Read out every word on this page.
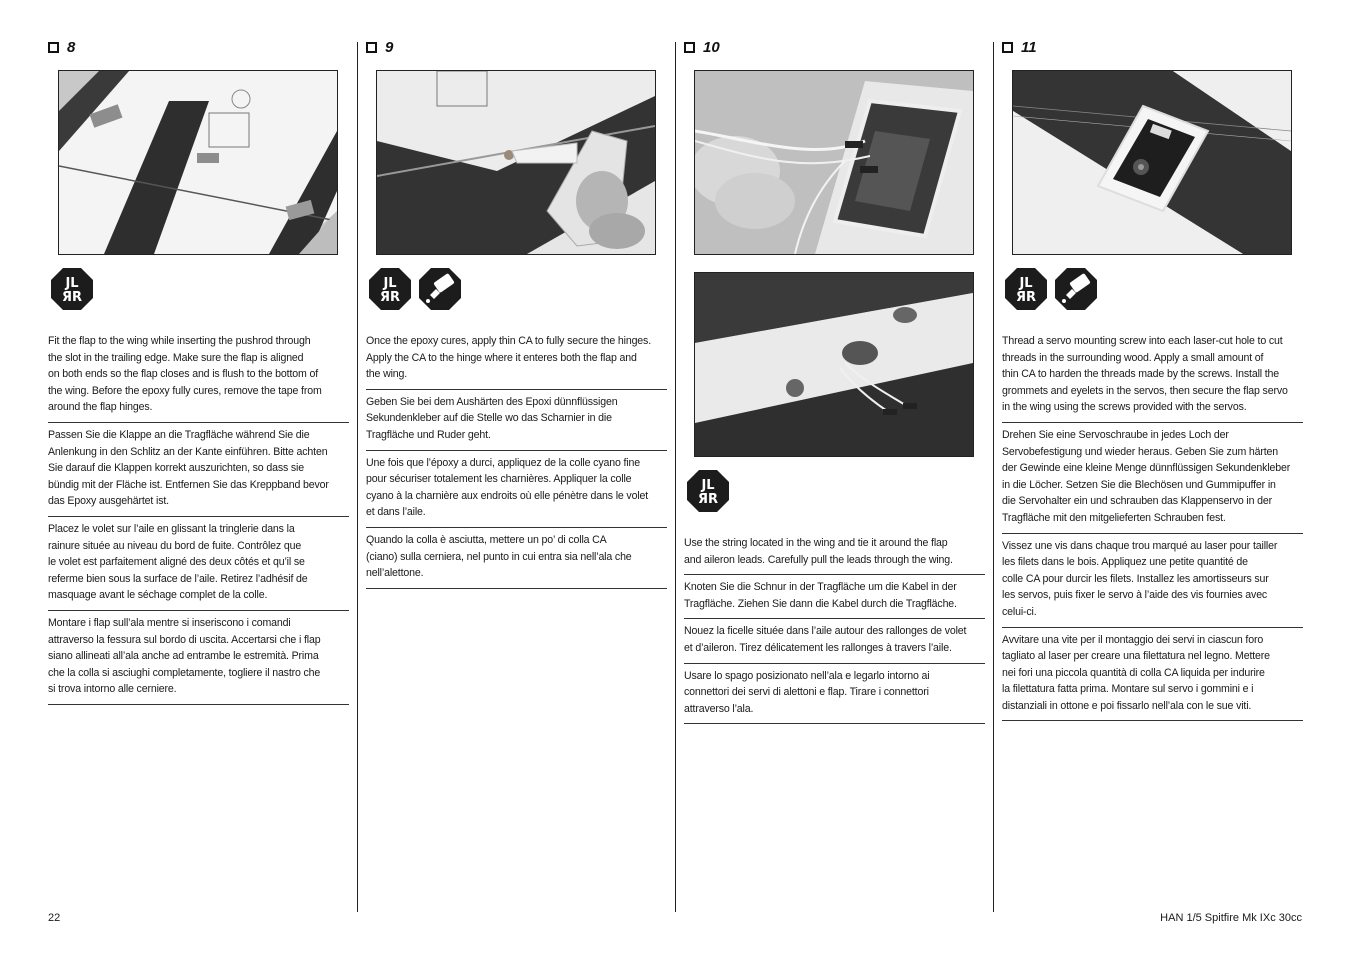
8
JL
ЯR
Fit the flap to the wing while inserting the pushrod through
the slot in the trailing edge. Make sure the flap is aligned
on both ends so the flap closes and is flush to the bottom of
the wing. Before the epoxy fully cures, remove the tape from
around the flap hinges.
Passen Sie die Klappe an die Tragfläche während Sie die
Anlenkung in den Schlitz an der Kante einführen. Bitte achten
Sie darauf die Klappen korrekt auszurichten, so dass sie
bündig mit der Fläche ist. Entfernen Sie das Kreppband bevor
das Epoxy ausgehärtet ist.
Placez le volet sur l’aile en glissant la tringlerie dans la
rainure située au niveau du bord de fuite. Contrôlez que
le volet est parfaitement aligné des deux côtés et qu’il se
referme bien sous la surface de l’aile. Retirez l’adhésif de
masquage avant le séchage complet de la colle.
Montare i flap sull’ala mentre si inseriscono i comandi
attraverso la fessura sul bordo di uscita. Accertarsi che i flap
siano allineati all’ala anche ad entrambe le estremità. Prima
che la colla si asciughi completamente, togliere il nastro che
si trova intorno alle cerniere.
9
JL
ЯR
Once the epoxy cures, apply thin CA to fully secure the hinges.
Apply the CA to the hinge where it enteres both the flap and
the wing.
Geben Sie bei dem Aushärten des Epoxi dünnflüssigen
Sekundenkleber auf die Stelle wo das Scharnier in die
Tragfläche und Ruder geht.
Une fois que l’époxy a durci, appliquez de la colle cyano fine
pour sécuriser totalement les charnières. Appliquer la colle
cyano à la charnière aux endroits où elle pénètre dans le volet
et dans l’aile.
Quando la colla è asciutta, mettere un po’ di colla CA
(ciano) sulla cerniera, nel punto in cui entra sia nell’ala che
nell’alettone.
10
JL
ЯR
Use the string located in the wing and tie it around the flap
and aileron leads. Carefully pull the leads through the wing.
Knoten Sie die Schnur in der Tragfläche um die Kabel in der
Tragfläche. Ziehen Sie dann die Kabel durch die Tragfläche.
Nouez la ficelle située dans l’aile autour des rallonges de volet
et d’aileron. Tirez délicatement les rallonges à travers l’aile.
Usare lo spago posizionato nell’ala e legarlo intorno ai
connettori dei servi di alettoni e flap. Tirare i connettori
attraverso l’ala.
11
JL
ЯR
Thread a servo mounting screw into each laser-cut hole to cut
threads in the surrounding wood. Apply a small amount of
thin CA to harden the threads made by the screws. Install the
grommets and eyelets in the servos, then secure the flap servo
in the wing using the screws provided with the servos.
Drehen Sie eine Servoschraube in jedes Loch der
Servobefestigung und wieder heraus. Geben Sie zum härten
der Gewinde eine kleine Menge dünnflüssigen Sekundenkleber
in die Löcher. Setzen Sie die Blechösen und Gummipuffer in
die Servohalter ein und schrauben das Klappenservo in der
Tragfläche mit den mitgelieferten Schrauben fest.
Vissez une vis dans chaque trou marqué au laser pour tailler
les filets dans le bois. Appliquez une petite quantité de
colle CA pour durcir les filets. Installez les amortisseurs sur
les servos, puis fixer le servo à l’aide des vis fournies avec
celui-ci.
Avvitare una vite per il montaggio dei servi in ciascun foro
tagliato al laser per creare una filettatura nel legno. Mettere
nei fori una piccola quantità di colla CA liquida per indurire
la filettatura fatta prima. Montare sul servo i gommini e i
distanziali in ottone e poi fissarlo nell’ala con le sue viti.
22	HAN 1/5 Spitfire Mk IXc 30cc
